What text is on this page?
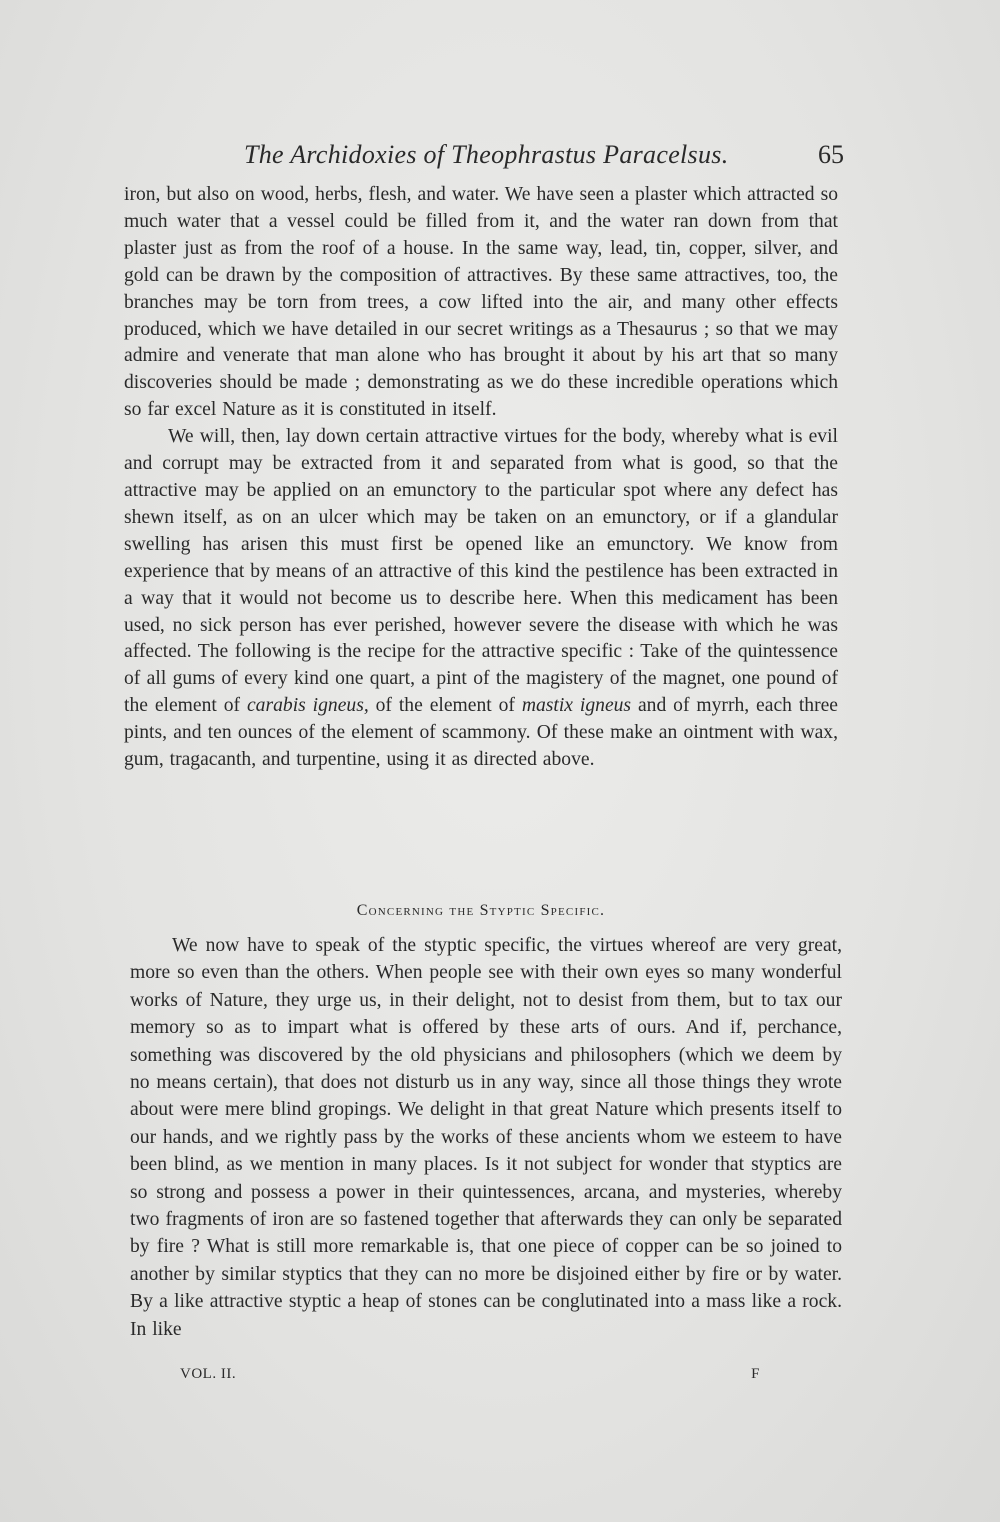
The Archidoxies of Theophrastus Paracelsus.	65

iron, but also on wood, herbs, flesh, and water. We have seen a plaster which attracted so much water that a vessel could be filled from it, and the water ran down from that plaster just as from the roof of a house. In the same way, lead, tin, copper, silver, and gold can be drawn by the composition of attractives. By these same attractives, too, the branches may be torn from trees, a cow lifted into the air, and many other effects produced, which we have detailed in our secret writings as a Thesaurus ; so that we may admire and venerate that man alone who has brought it about by his art that so many discoveries should be made ; demonstrating as we do these incredible operations which so far excel Nature as it is constituted in itself.

We will, then, lay down certain attractive virtues for the body, whereby what is evil and corrupt may be extracted from it and separated from what is good, so that the attractive may be applied on an emunctory to the particular spot where any defect has shewn itself, as on an ulcer which may be taken on an emunctory, or if a glandular swelling has arisen this must first be opened like an emunctory. We know from experience that by means of an attractive of this kind the pestilence has been extracted in a way that it would not become us to describe here. When this medicament has been used, no sick person has ever perished, however severe the disease with which he was affected. The following is the recipe for the attractive specific : Take of the quintessence of all gums of every kind one quart, a pint of the magistery of the magnet, one pound of the element of carabis igneus, of the element of mastix igneus and of myrrh, each three pints, and ten ounces of the element of scammony. Of these make an ointment with wax, gum, tragacanth, and turpentine, using it as directed above.

Concerning the Styptic Specific.

We now have to speak of the styptic specific, the virtues whereof are very great, more so even than the others. When people see with their own eyes so many wonderful works of Nature, they urge us, in their delight, not to desist from them, but to tax our memory so as to impart what is offered by these arts of ours. And if, perchance, something was discovered by the old physicians and philosophers (which we deem by no means certain), that does not disturb us in any way, since all those things they wrote about were mere blind gropings. We delight in that great Nature which presents itself to our hands, and we rightly pass by the works of these ancients whom we esteem to have been blind, as we mention in many places. Is it not subject for wonder that styptics are so strong and possess a power in their quintessences, arcana, and mysteries, whereby two fragments of iron are so fastened together that afterwards they can only be separated by fire ? What is still more remarkable is, that one piece of copper can be so joined to another by similar styptics that they can no more be disjoined either by fire or by water. By a like attractive styptic a heap of stones can be conglutinated into a mass like a rock. In like

VOL. II.	F
